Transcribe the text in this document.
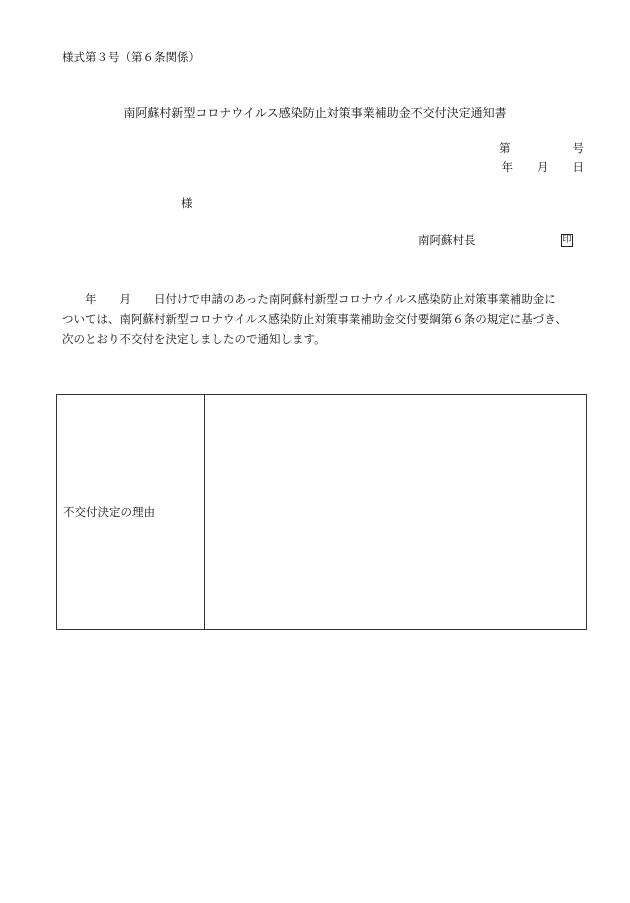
様式第３号（第６条関係）
南阿蘇村新型コロナウイルス感染防止対策事業補助金不交付決定通知書
第	号
年 月 日
様
南阿蘇村長	印
　　年　　月　　日付けで申請のあった南阿蘇村新型コロナウイルス感染防止対策事業補助金に
ついては、南阿蘇村新型コロナウイルス感染防止対策事業補助金交付要綱第６条の規定に基づき、
次のとおり不交付を決定しましたので通知します。
不交付決定の理由
